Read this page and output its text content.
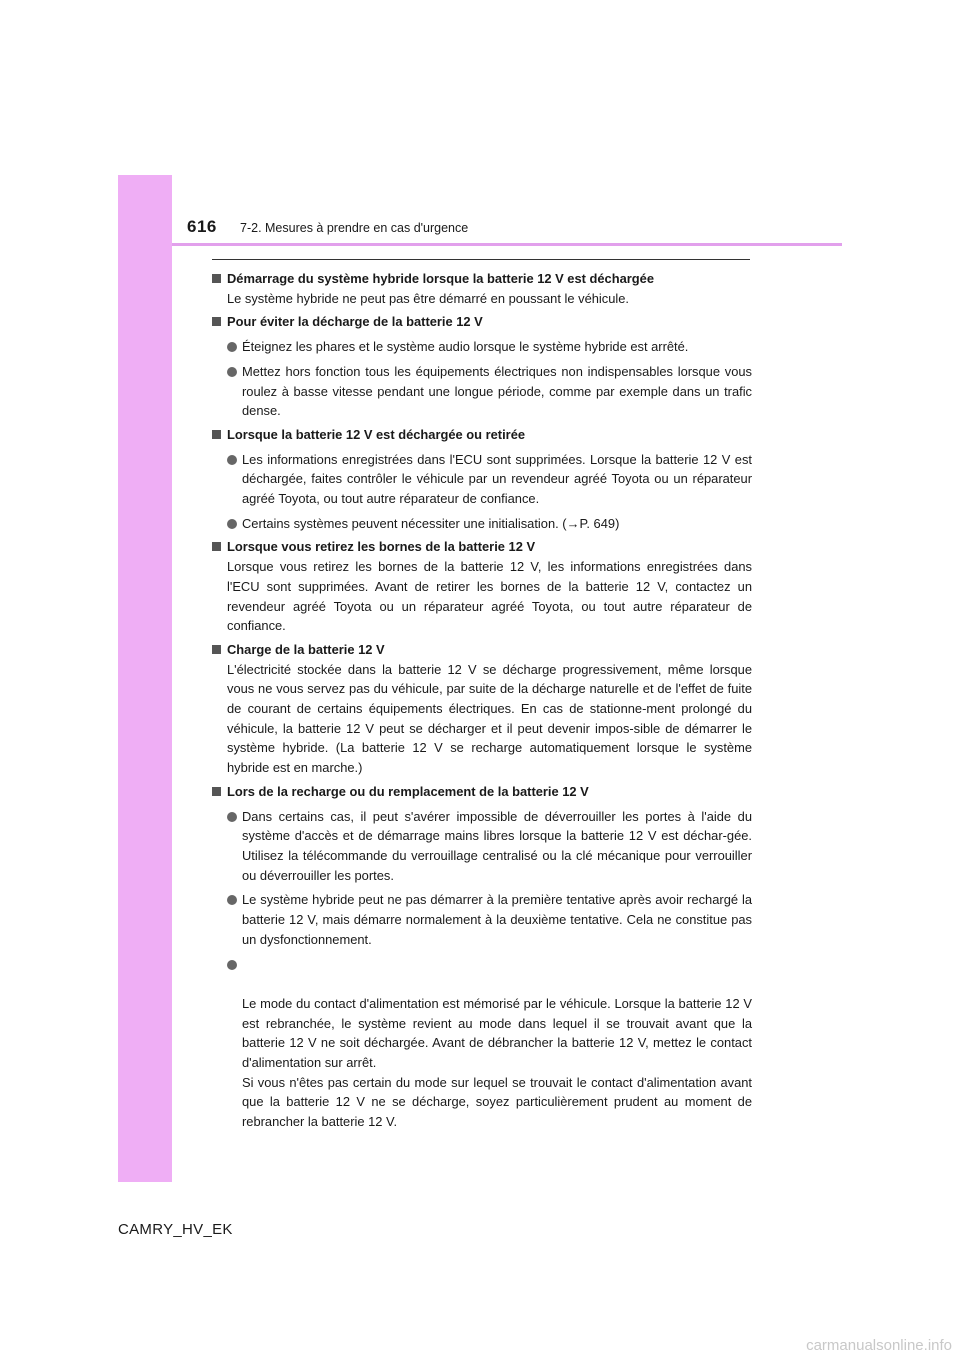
616 7-2. Mesures à prendre en cas d'urgence
Démarrage du système hybride lorsque la batterie 12 V est déchargée
Le système hybride ne peut pas être démarré en poussant le véhicule.
Pour éviter la décharge de la batterie 12 V
Éteignez les phares et le système audio lorsque le système hybride est arrêté.
Mettez hors fonction tous les équipements électriques non indispensables lorsque vous roulez à basse vitesse pendant une longue période, comme par exemple dans un trafic dense.
Lorsque la batterie 12 V est déchargée ou retirée
Les informations enregistrées dans l'ECU sont supprimées. Lorsque la batterie 12 V est déchargée, faites contrôler le véhicule par un revendeur agréé Toyota ou un réparateur agréé Toyota, ou tout autre réparateur de confiance.
Certains systèmes peuvent nécessiter une initialisation. (→P. 649)
Lorsque vous retirez les bornes de la batterie 12 V
Lorsque vous retirez les bornes de la batterie 12 V, les informations enregistrées dans l'ECU sont supprimées. Avant de retirer les bornes de la batterie 12 V, contactez un revendeur agréé Toyota ou un réparateur agréé Toyota, ou tout autre réparateur de confiance.
Charge de la batterie 12 V
L'électricité stockée dans la batterie 12 V se décharge progressivement, même lorsque vous ne vous servez pas du véhicule, par suite de la décharge naturelle et de l'effet de fuite de courant de certains équipements électriques. En cas de stationne-ment prolongé du véhicule, la batterie 12 V peut se décharger et il peut devenir impos-sible de démarrer le système hybride. (La batterie 12 V se recharge automatiquement lorsque le système hybride est en marche.)
Lors de la recharge ou du remplacement de la batterie 12 V
Dans certains cas, il peut s'avérer impossible de déverrouiller les portes à l'aide du système d'accès et de démarrage mains libres lorsque la batterie 12 V est déchar-gée. Utilisez la télécommande du verrouillage centralisé ou la clé mécanique pour verrouiller ou déverrouiller les portes.
Le système hybride peut ne pas démarrer à la première tentative après avoir rechargé la batterie 12 V, mais démarre normalement à la deuxième tentative. Cela ne constitue pas un dysfonctionnement.

Le mode du contact d'alimentation est mémorisé par le véhicule. Lorsque la batterie 12 V est rebranchée, le système revient au mode dans lequel il se trouvait avant que la batterie 12 V ne soit déchargée. Avant de débrancher la batterie 12 V, mettez le contact d'alimentation sur arrêt.
Si vous n'êtes pas certain du mode sur lequel se trouvait le contact d'alimentation avant que la batterie 12 V ne se décharge, soyez particulièrement prudent au moment de rebrancher la batterie 12 V.

CAMRY_HV_EK
carmanualsonline.info
